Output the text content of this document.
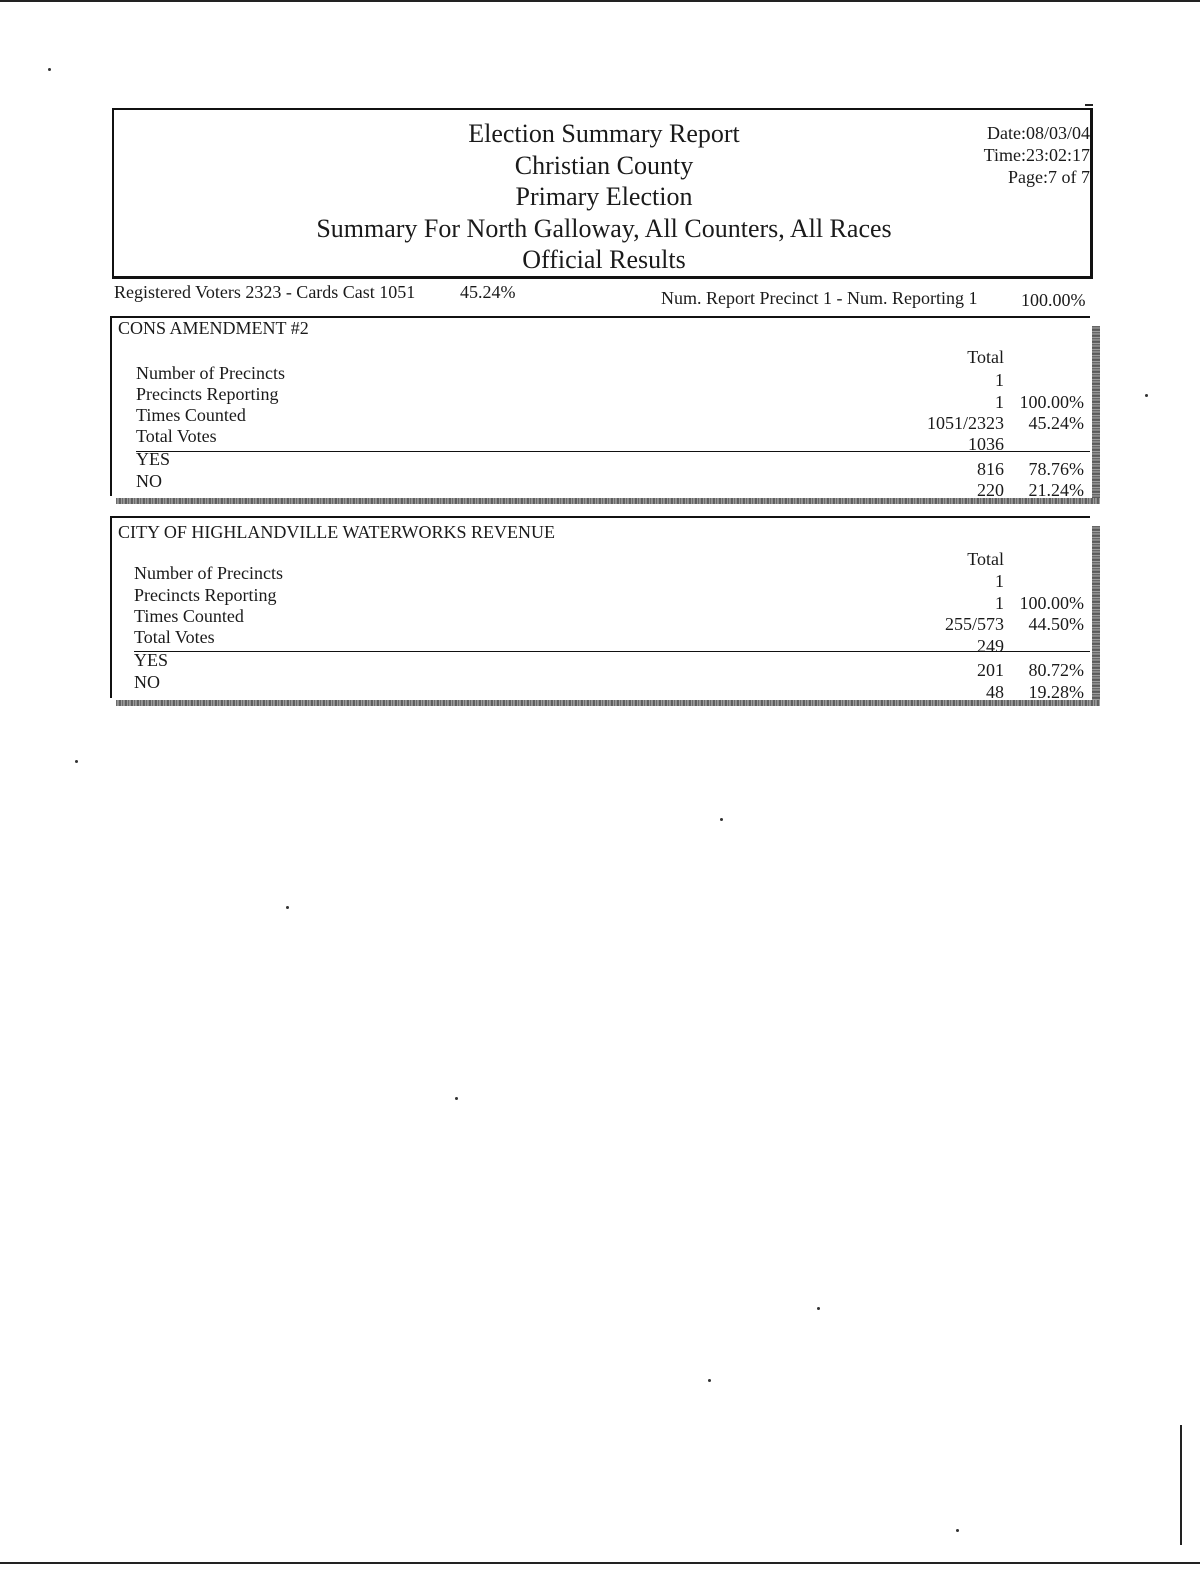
Election Summary Report
Christian County
Primary Election
Summary For North Galloway, All Counters, All Races
Official Results
Date:08/03/04
Time:23:02:17
Page:7 of 7
Registered Voters 2323 - Cards Cast 1051 45.24%	Num. Report Precinct 1 - Num. Reporting 1 100.00%
CONS AMENDMENT #2
Total
Number of Precincts	1
Precincts Reporting	1 100.00%
Times Counted	1051/2323 45.24%
Total Votes	1036
YES	816 78.76%
NO	220 21.24%
CITY OF HIGHLANDVILLE WATERWORKS REVENUE
Total
Number of Precincts	1
Precincts Reporting	1 100.00%
Times Counted	255/573 44.50%
Total Votes	249
YES	201 80.72%
NO	48 19.28%
